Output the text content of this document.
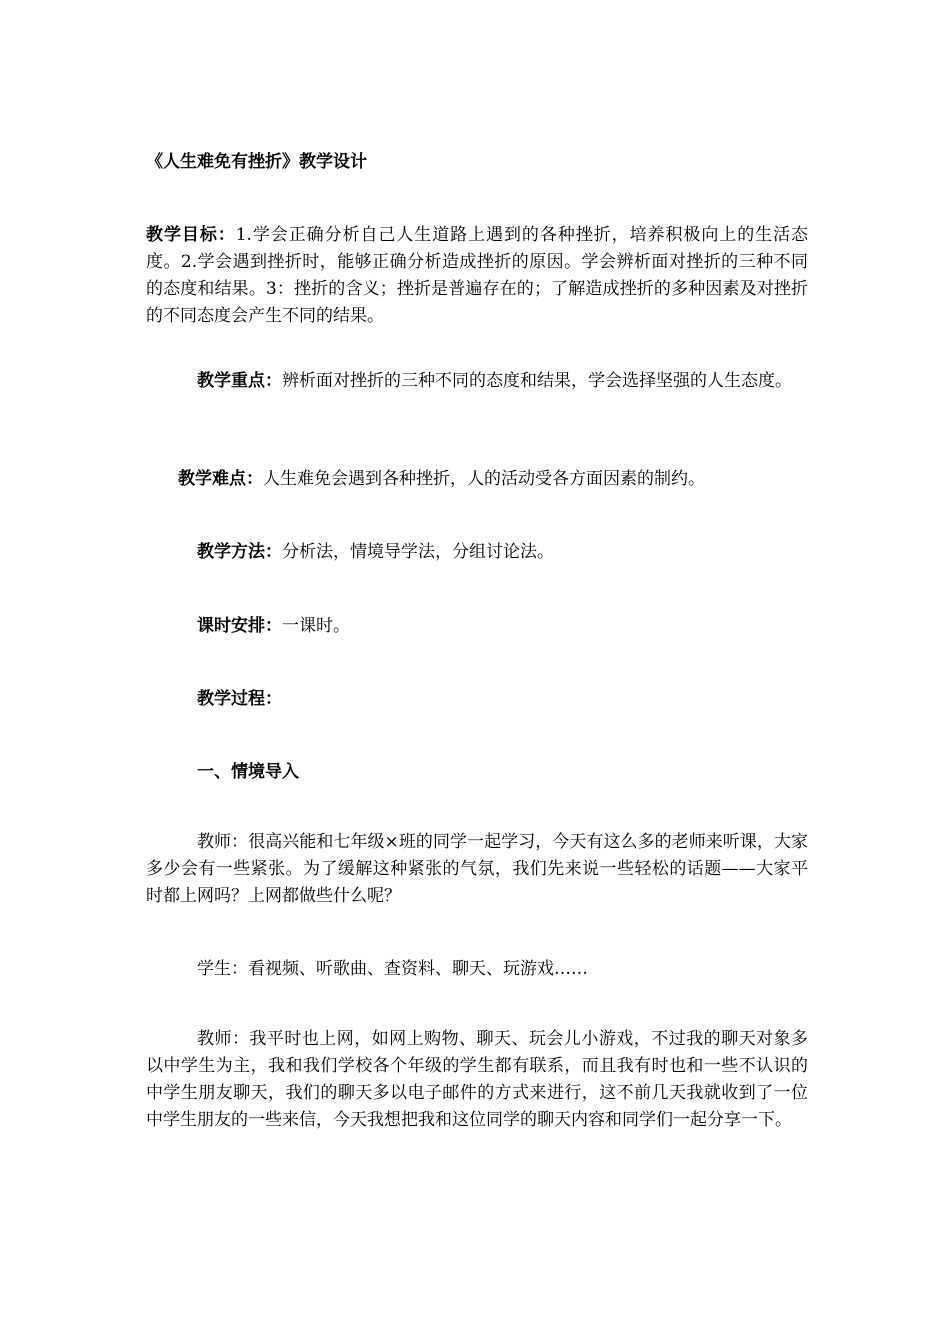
《人生难免有挫折》教学设计
教学目标：1.学会正确分析自己人生道路上遇到的各种挫折，培养积极向上的生活态度。2.学会遇到挫折时，能够正确分析造成挫折的原因。学会辨析面对挫折的三种不同的态度和结果。3：挫折的含义；挫折是普遍存在的；了解造成挫折的多种因素及对挫折的不同态度会产生不同的结果。
教学重点：辨析面对挫折的三种不同的态度和结果，学会选择坚强的人生态度。
教学难点：人生难免会遇到各种挫折，人的活动受各方面因素的制约。
教学方法：分析法，情境导学法，分组讨论法。
课时安排：一课时。
教学过程：
一、情境导入
教师：很高兴能和七年级×班的同学一起学习，今天有这么多的老师来听课，大家多少会有一些紧张。为了缓解这种紧张的气氛，我们先来说一些轻松的话题——大家平时都上网吗？上网都做些什么呢？
学生：看视频、听歌曲、查资料、聊天、玩游戏……
教师：我平时也上网，如网上购物、聊天、玩会儿小游戏，不过我的聊天对象多以中学生为主，我和我们学校各个年级的学生都有联系，而且我有时也和一些不认识的中学生朋友聊天，我们的聊天多以电子邮件的方式来进行，这不前几天我就收到了一位中学生朋友的一些来信，今天我想把我和这位同学的聊天内容和同学们一起分享一下。
